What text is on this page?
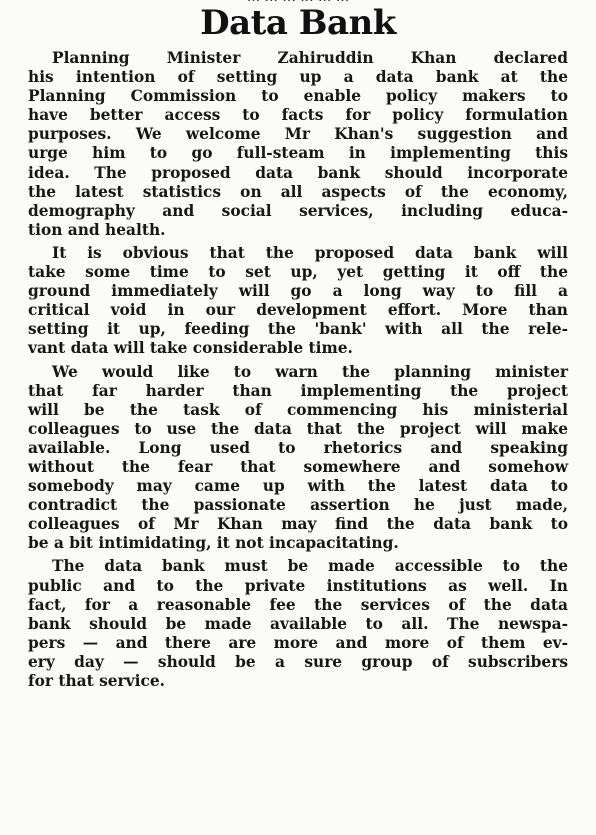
Data Bank
Planning Minister Zahiruddin Khan declared
his intention of setting up a data bank at the
Planning Commission to enable policy makers to
have better access to facts for policy formulation
purposes. We welcome Mr Khan's suggestion and
urge him to go full-steam in implementing this
idea. The proposed data bank should incorporate
the latest statistics on all aspects of the economy,
demography and social services, including educa-
tion and health.
It is obvious that the proposed data bank will
take some time to set up, yet getting it off the
ground immediately will go a long way to fill a
critical void in our development effort. More than
setting it up, feeding the 'bank' with all the rele-
vant data will take considerable time.
We would like to warn the planning minister
that far harder than implementing the project
will be the task of commencing his ministerial
colleagues to use the data that the project will make
available. Long used to rhetorics and speaking
without the fear that somewhere and somehow
somebody may came up with the latest data to
contradict the passionate assertion he just made,
colleagues of Mr Khan may find the data bank to
be a bit intimidating, it not incapacitating.
The data bank must be made accessible to the
public and to the private institutions as well. In
fact, for a reasonable fee the services of the data
bank should be made available to all. The newspa-
pers — and there are more and more of them ev-
ery day — should be a sure group of subscribers
for that service.
